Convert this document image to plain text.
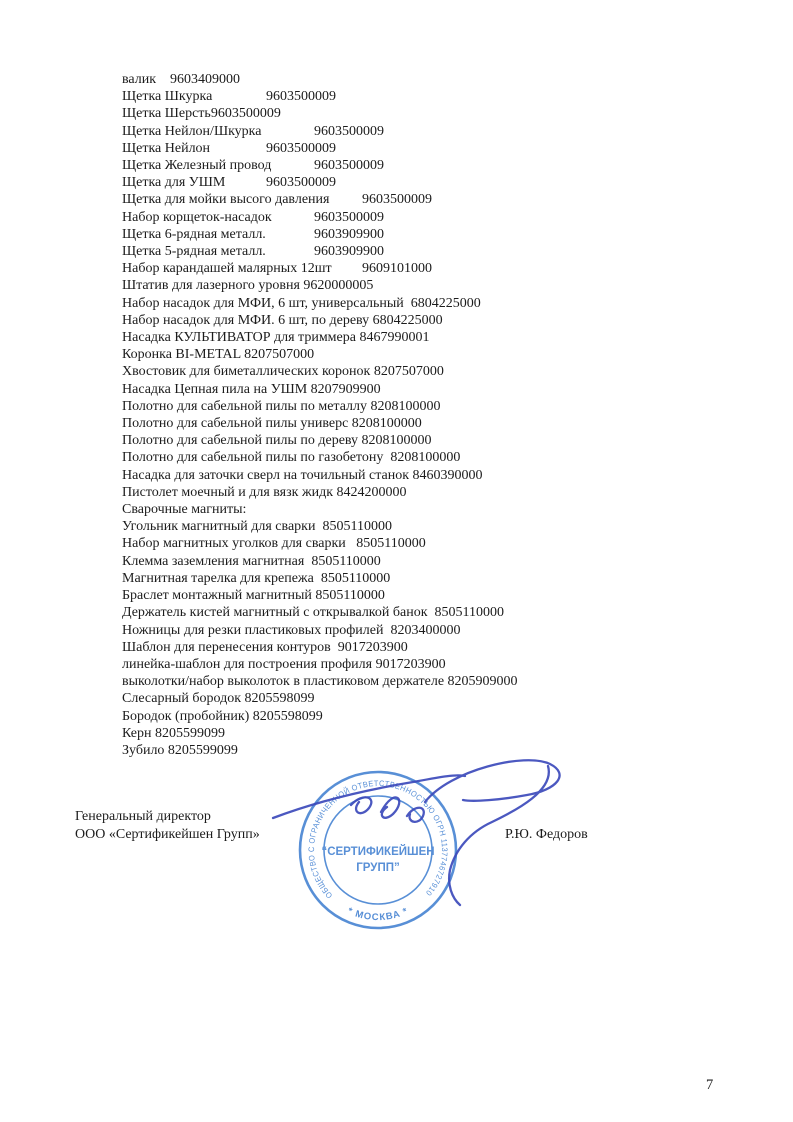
валик	9603409000
Щетка Шкурка		9603500009
Щетка Шерсть9603500009
Щетка Нейлон/Шкурка		9603500009
Щетка Нейлон		9603500009
Щетка Железный провод	9603500009
Щетка для УШМ	9603500009
Щетка для мойки высого давления	9603500009
Набор корщеток-насадок	9603500009
Щетка 6-рядная металл.	9603909900
Щетка 5-рядная металл.	9603909900
Набор карандашей малярных 12шт	9609101000
Штатив для лазерного уровня 9620000005
Набор насадок для МФИ, 6 шт, универсальный  6804225000
Набор насадок для МФИ. 6 шт, по дереву 6804225000
Насадка КУЛЬТИВАТОР для триммера 8467990001
Коронка BI-METAL 8207507000
Хвостовик для биметаллических коронок 8207507000
Насадка Цепная пила на УШМ 8207909900
Полотно для сабельной пилы по металлу 8208100000
Полотно для сабельной пилы универс 8208100000
Полотно для сабельной пилы по дереву 8208100000
Полотно для сабельной пилы по газобетону  8208100000
Насадка для заточки сверл на точильный станок 8460390000
Пистолет моечный и для вязк жидк 8424200000
Сварочные магниты:
Угольник магнитный для сварки  8505110000
Набор магнитных уголков для сварки   8505110000
Клемма заземления магнитная  8505110000
Магнитная тарелка для крепежа  8505110000
Браслет монтажный магнитный 8505110000
Держатель кистей магнитный с открывалкой банок  8505110000
Ножницы для резки пластиковых профилей  8203400000
Шаблон для перенесения контуров  9017203900
линейка-шаблон для построения профиля 9017203900
выколотки/набор выколоток в пластиковом держателе 8205909000
Слесарный бородок 8205598099
Бородок (пробойник) 8205598099
Керн 8205599099
Зубило 8205599099
Генеральный директор
ООО «Сертификейшен Групп»	Р.Ю. Федоров
ОБЩЕСТВО С ОГРАНИЧЕННОЙ ОТВЕТСТВЕННОСТЬЮ ОГРН 1137746727910
* МОСКВА *
“СЕРТИФИКЕЙШЕН
ГРУПП”
7
